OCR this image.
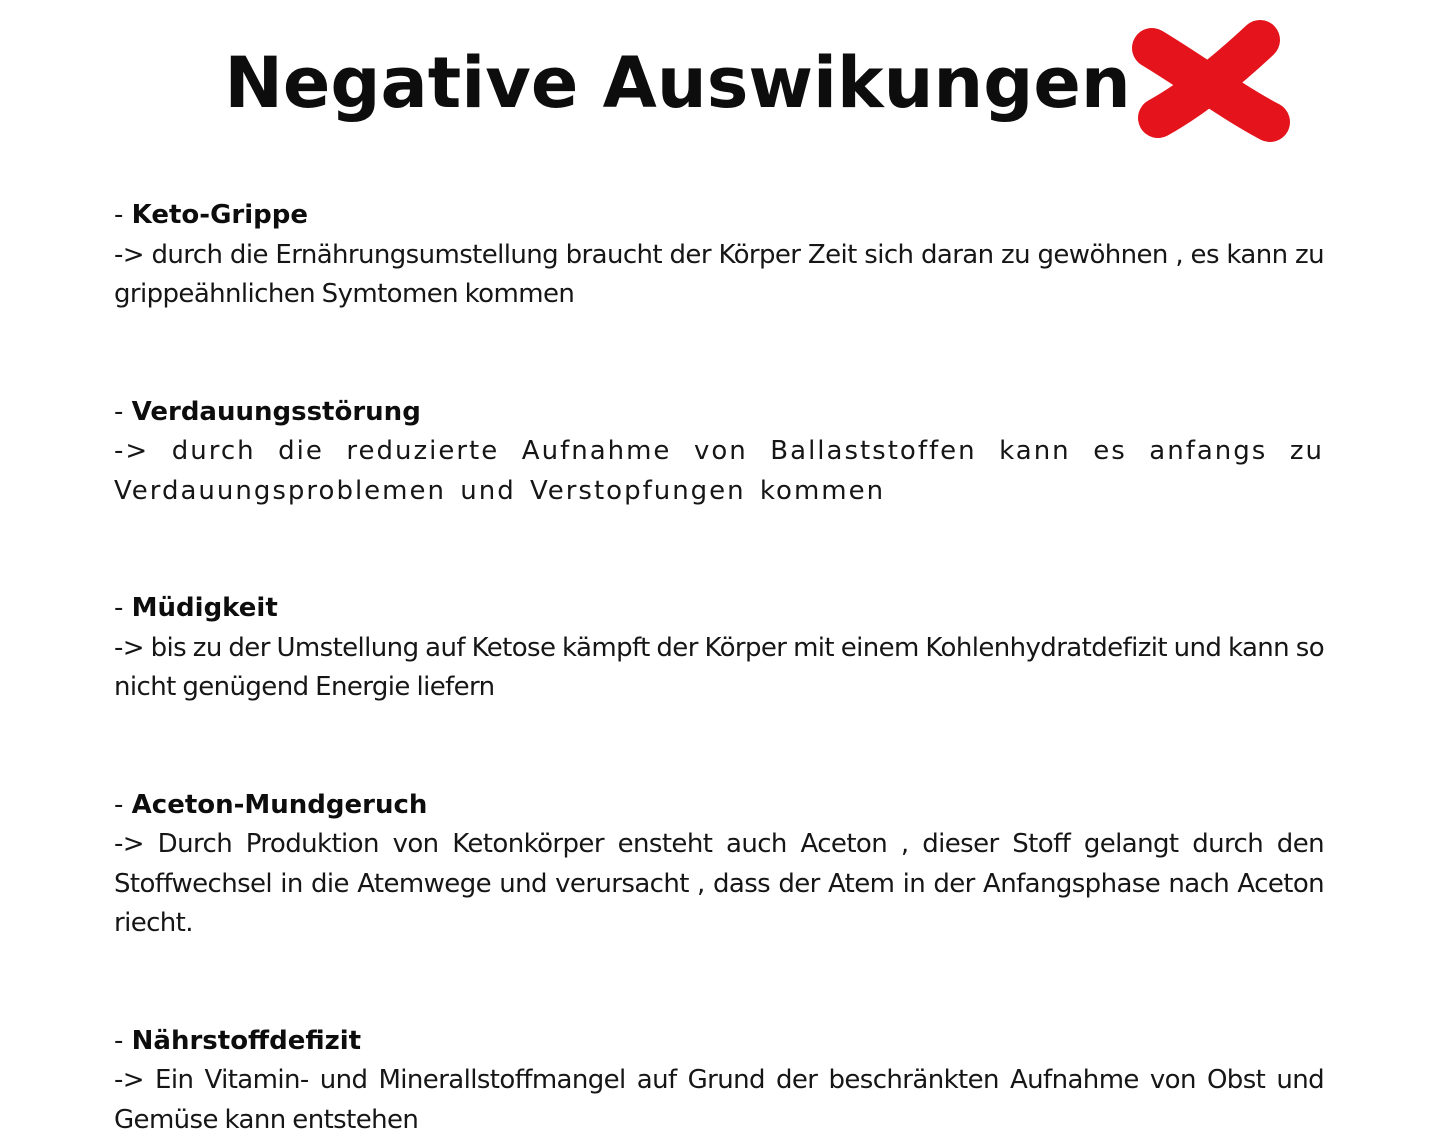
Negative Auswikungen
- Keto-Grippe
-> durch die Ernährungsumstellung braucht der Körper Zeit sich daran zu gewöhnen , es kann zu grippeähnlichen Symtomen kommen
- Verdauungsstörung
-> durch die reduzierte Aufnahme von Ballaststoffen kann es anfangs zu Verdauungsproblemen und Verstopfungen kommen
- Müdigkeit
-> bis zu der Umstellung auf Ketose kämpft der Körper mit einem Kohlenhydratdefizit und kann so nicht genügend Energie liefern
- Aceton-Mundgeruch
-> Durch Produktion von Ketonkörper ensteht auch Aceton , dieser Stoff gelangt durch den Stoffwechsel in die Atemwege und verursacht , dass der Atem in der Anfangsphase nach Aceton riecht.
- Nährstoffdefizit
-> Ein Vitamin- und Minerallstoffmangel auf Grund der beschränkten Aufnahme von Obst und Gemüse kann entstehen
